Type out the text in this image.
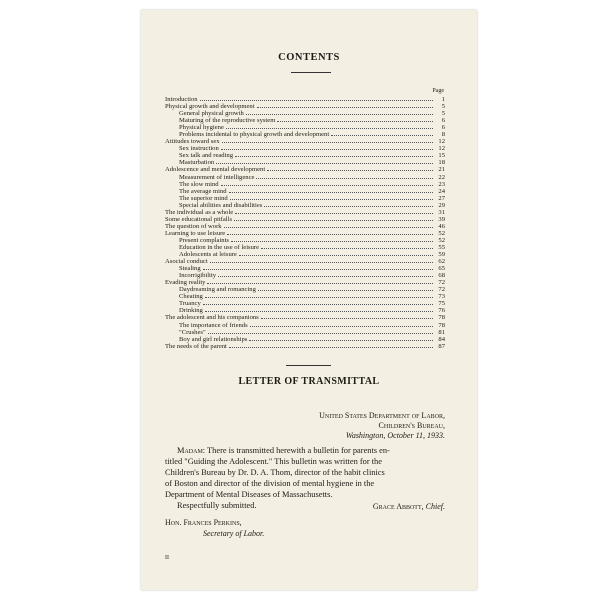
CONTENTS
Page
Introduction	1
Physical growth and development	5
General physical growth	5
Maturing of the reproductive system	6
Physical hygiene	6
Problems incidental to physical growth and development	8
Attitudes toward sex	12
Sex instruction	12
Sex talk and reading	15
Masturbation	18
Adolescence and mental development	21
Measurement of intelligence	22
The slow mind	23
The average mind	24
The superior mind	27
Special abilities and disabilities	29
The individual as a whole	31
Some educational pitfalls	39
The question of work	46
Learning to use leisure	52
Present complaints	52
Education in the use of leisure	55
Adolescents at leisure	59
Asocial conduct	62
Stealing	65
Incorrigibility	68
Evading reality	72
Daydreaming and romancing	72
Cheating	73
Truancy	75
Drinking	76
The adolescent and his companions	78
The importance of friends	78
"Crushes"	81
Boy and girl relationships	84
The needs of the parent	87
LETTER OF TRANSMITTAL
United States Department of Labor,
Children's Bureau,
Washington, October 11, 1933.
Madam: There is transmitted herewith a bulletin for parents en-
titled "Guiding the Adolescent." This bulletin was written for the
Children's Bureau by Dr. D. A. Thom, director of the habit clinics
of Boston and director of the division of mental hygiene in the
Department of Mental Diseases of Massachusetts.
Respectfully submitted.	Grace Abbott, Chief.
Hon. Frances Perkins,
Secretary of Labor.
II
